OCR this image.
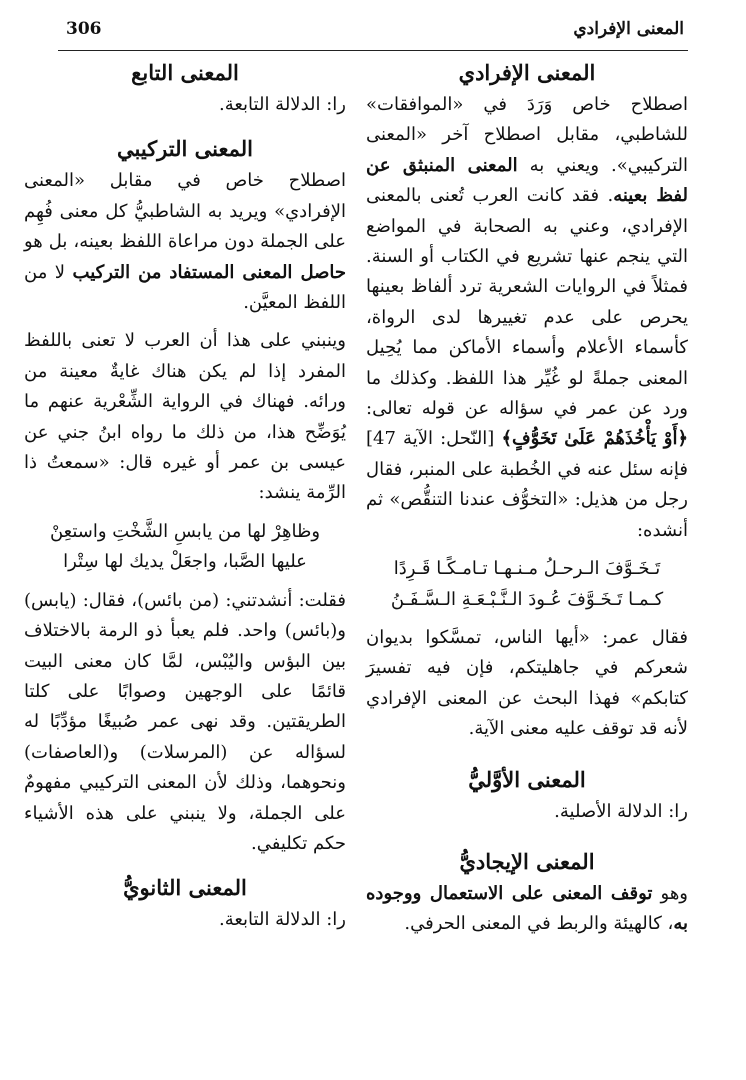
306	المعنى الإفرادي
المعنى الإفرادي

اصطلاح خاص وَرَدَ في «الموافقات» للشاطبي، مقابل اصطلاح آخر «المعنى التركيبي». ويعني به المعنى المنبثق عن لفظ بعينه. فقد كانت العرب تُعنى بالمعنى الإفرادي، وعني به الصحابة في المواضع التي ينجم عنها تشريع في الكتاب أو السنة. فمثلاً في الروايات الشعرية ترد ألفاظ بعينها يحرص على عدم تغييرها لدى الرواة، كأسماء الأعلام وأسماء الأماكن مما يُحِيل المعنى جملةً لو غُيِّر هذا اللفظ. وكذلك ما ورد عن عمر في سؤاله عن قوله تعالى: ﴿أَوْ يَأْخُذَهُمْ عَلَىٰ تَخَوُّفٍ﴾ [النّحل: الآية 47] فإنه سئل عنه في الخُطبة على المنبر، فقال رجل من هذيل: «التخوُّف عندنا التنقُّص» ثم أنشده:

تَـخَـوَّفَ الـرحـلُ مـنـهـا تـامـكًـا قَـرِدًا

كـمـا تَـخَـوَّفَ عُـودَ الـنَّـبْـعَـةِ الـسَّـفَـنُ

فقال عمر: «أيها الناس، تمسَّكوا بديوان شعركم في جاهليتكم، فإن فيه تفسيرَ كتابكم» فهذا البحث عن المعنى الإفرادي لأنه قد توقف عليه معنى الآية.

المعنى الأوَّليُّ

را: الدلالة الأصلية.

المعنى الإيجاديُّ

وهو توقف المعنى على الاستعمال ووجوده به، كالهيئة والربط في المعنى الحرفي.

المعنى التابع

را: الدلالة التابعة.

المعنى التركيبي

اصطلاح خاص في مقابل «المعنى الإفرادي» ويريد به الشاطبيُّ كل معنى فُهِم على الجملة دون مراعاة اللفظ بعينه، بل هو حاصل المعنى المستفاد من التركيب لا من اللفظ المعيَّن.

وينبني على هذا أن العرب لا تعنى باللفظ المفرد إذا لم يكن هناك غايةٌ معينة من ورائه. فهناك في الرواية الشِّعْرية عنهم ما يُوَضِّح هذا، من ذلك ما رواه ابنُ جني عن عيسى بن عمر أو غيره قال: «سمعتُ ذا الرِّمة ينشد:

وظاهِرْ لها من يابسِ الشَّخْتِ واستعِنْ

عليها الصَّبا، واجعَلْ يديك لها سِتْرا

فقلت: أنشدتني: (من بائس)، فقال: (يابس) و(بائس) واحد. فلم يعبأ ذو الرمة بالاختلاف بين البؤس واليُبْس، لمَّا كان معنى البيت قائمًا على الوجهين وصوابًا على كلتا الطريقتين. وقد نهى عمر صُبيغًا مؤدِّبًا له لسؤاله عن (المرسلات) و(العاصفات) ونحوهما، وذلك لأن المعنى التركيبي مفهومٌ على الجملة، ولا ينبني على هذه الأشياء حكم تكليفي.

المعنى الثانويُّ

را: الدلالة التابعة.
